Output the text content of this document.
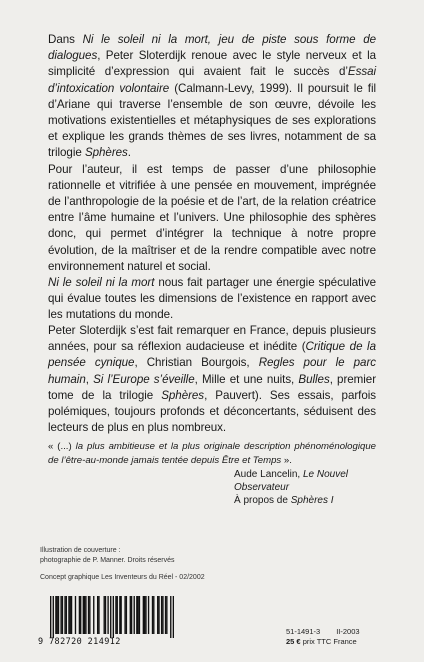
Dans Ni le soleil ni la mort, jeu de piste sous forme de dialogues, Peter Sloterdijk renoue avec le style nerveux et la simplicité d’expression qui avaient fait le succès d’Essai d’intoxication volontaire (Calmann-Levy, 1999). Il poursuit le fil d’Ariane qui traverse l’ensemble de son œuvre, dévoile les motivations existentielles et métaphysiques de ses explorations et explique les grands thèmes de ses livres, notamment de sa trilogie Sphères.

Pour l’auteur, il est temps de passer d’une philosophie rationnelle et vitrifiée à une pensée en mouvement, imprégnée de l’anthropologie de la poésie et de l’art, de la relation créatrice entre l’âme humaine et l’univers. Une philosophie des sphères donc, qui permet d’intégrer la technique à notre propre évolution, de la maîtriser et de la rendre compatible avec notre environnement naturel et social.

Ni le soleil ni la mort nous fait partager une énergie spéculative qui évalue toutes les dimensions de l’existence en rapport avec les mutations du monde.

Peter Sloterdijk s’est fait remarquer en France, depuis plusieurs années, pour sa réflexion audacieuse et inédite (Critique de la pensée cynique, Christian Bourgois, Regles pour le parc humain, Si l’Europe s’éveille, Mille et une nuits, Bulles, premier tome de la trilogie Sphères, Pauvert). Ses essais, parfois polémiques, toujours profonds et déconcertants, séduisent des lecteurs de plus en plus nombreux.

« (...) la plus ambitieuse et la plus originale description phénoménologique de l’être-au-monde jamais tentée depuis Être et Temps ».

Aude Lancelin, Le Nouvel Observateur

À propos de Sphères I

Illustration de couverture :

photographie de P. Manner. Droits réservés

Concept graphique Les Inventeurs du Réel - 02/2002

9 782720 214912
51-1491-3 II-2003
25 € prix TTC France
